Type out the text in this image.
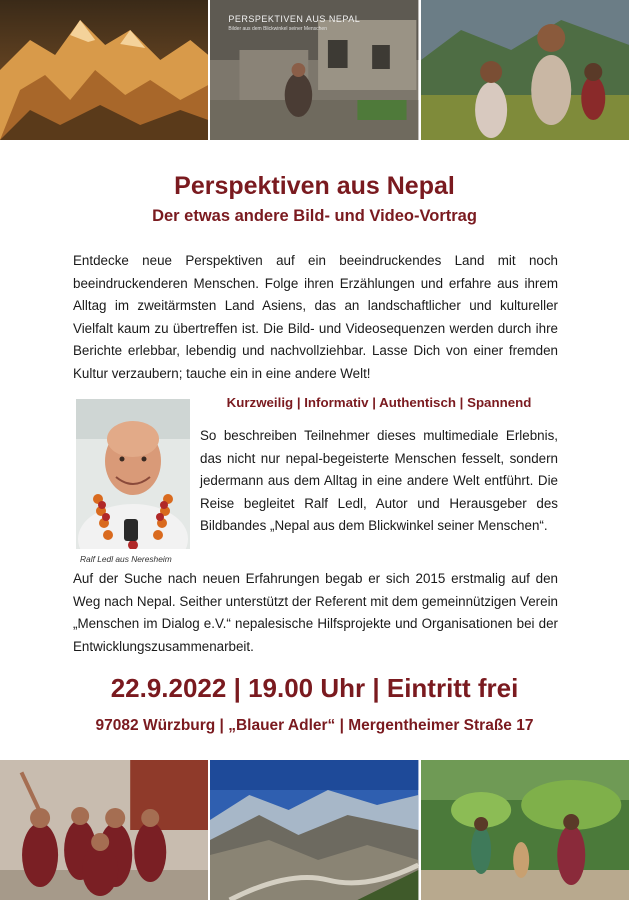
PERSPEKTIVEN AUS NEPAL
Bilder aus dem Blickwinkel seiner Menschen
Perspektiven aus Nepal
Der etwas andere Bild- und Video-Vortrag

Entdecke neue Perspektiven auf ein beeindruckendes Land mit noch beeindruckenderen Menschen. Folge ihren Erzählungen und erfahre aus ihrem Alltag im zweitärmsten Land Asiens, das an landschaftlicher und kultureller Vielfalt kaum zu übertreffen ist. Die Bild- und Videosequenzen werden durch ihre Berichte erlebbar, lebendig und nachvollziehbar. Lasse Dich von einer fremden Kultur verzaubern; tauche ein in eine andere Welt!

Ralf Ledl aus Neresheim
Kurzweilig | Informativ | Authentisch | Spannend

So beschreiben Teilnehmer dieses multimediale Erlebnis, das nicht nur nepal-begeisterte Menschen fesselt, sondern jedermann aus dem Alltag in eine andere Welt entführt. Die Reise begleitet Ralf Ledl, Autor und Herausgeber des Bildbandes „Nepal aus dem Blickwinkel seiner Menschen“.

Auf der Suche nach neuen Erfahrungen begab er sich 2015 erstmalig auf den Weg nach Nepal. Seither unterstützt der Referent mit dem gemeinnützigen Verein „Menschen im Dialog e.V.“ nepalesische Hilfsprojekte und Organisationen bei der Entwicklungszusammenarbeit.

22.9.2022 | 19.00 Uhr | Eintritt frei
97082 Würzburg | „Blauer Adler“ | Mergentheimer Straße 17
